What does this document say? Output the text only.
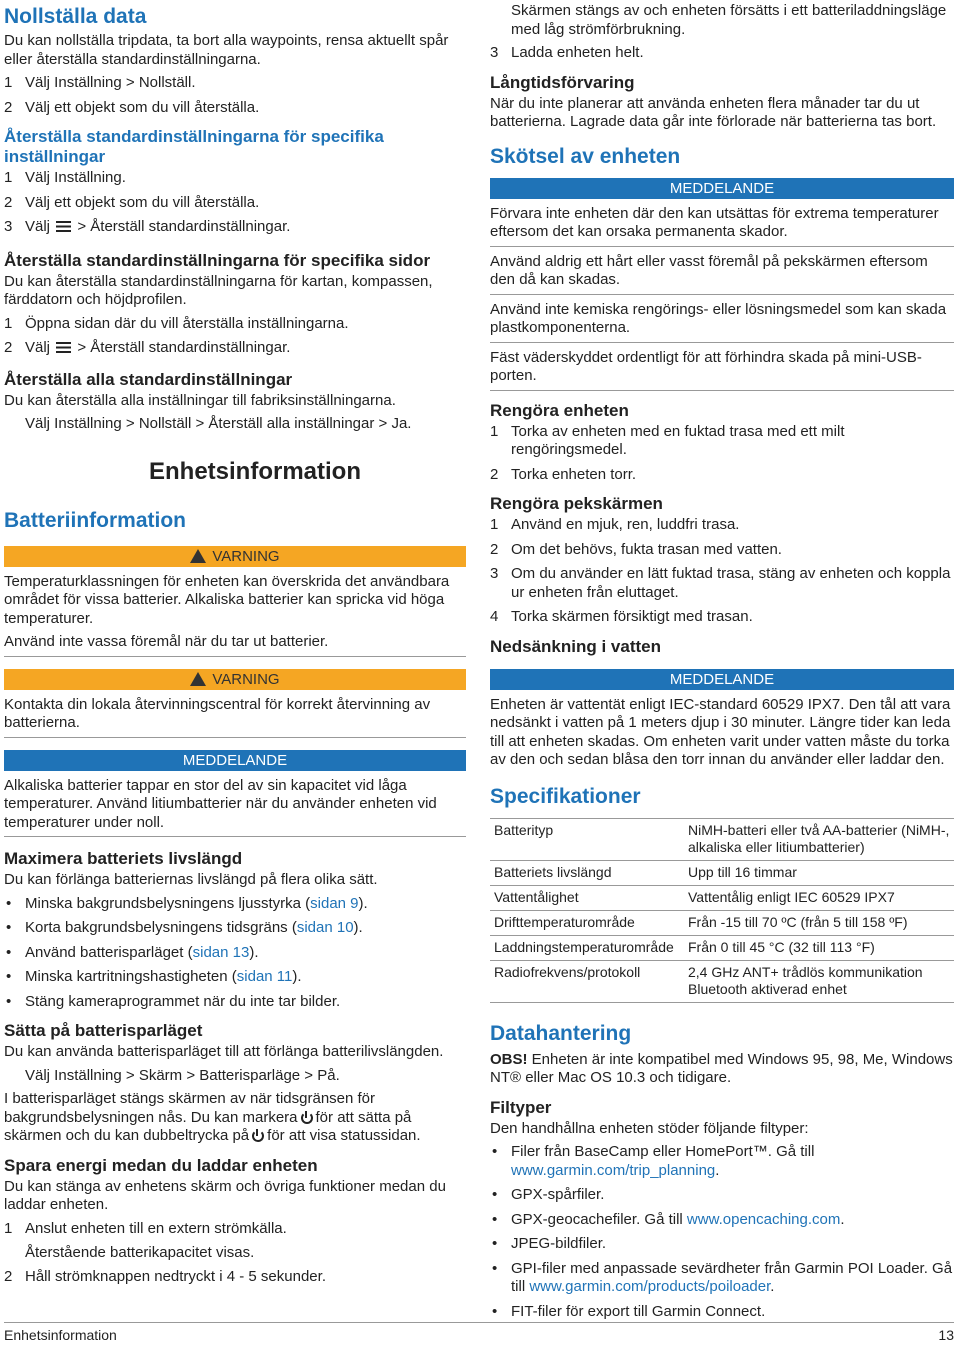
Nollställa data

Du kan nollställa tripdata, ta bort alla waypoints, rensa aktuellt spår eller återställa standardinställningarna.

1 Välj Inställning > Nollställ.
2 Välj ett objekt som du vill återställa.
Återställa standardinställningarna för specifika inställningar
1 Välj Inställning.
2 Välj ett objekt som du vill återställa.
3 Välj > Återställ standardinställningar.
Återställa standardinställningarna för specifika sidor

Du kan återställa standardinställningarna för kartan, kompassen, färddatorn och höjdprofilen.

1 Öppna sidan där du vill återställa inställningarna.
2 Välj > Återställ standardinställningar.
Återställa alla standardinställningar

Du kan återställa alla inställningar till fabriksinställningarna.

Välj Inställning > Nollställ > Återställ alla inställningar > Ja.

Enhetsinformation
Batteriinformation
VARNING

Temperaturklassningen för enheten kan överskrida det användbara området för vissa batterier. Alkaliska batterier kan spricka vid höga temperaturer.

Använd inte vassa föremål när du tar ut batterier.

VARNING

Kontakta din lokala återvinningscentral för korrekt återvinning av batterierna.

MEDDELANDE

Alkaliska batterier tappar en stor del av sin kapacitet vid låga temperaturer. Använd litiumbatterier när du använder enheten vid temperaturer under noll.

Maximera batteriets livslängd

Du kan förlänga batteriernas livslängd på flera olika sätt.

• Minska bakgrundsbelysningens ljusstyrka (sidan 9).
• Korta bakgrundsbelysningens tidsgräns (sidan 10).
• Använd batterisparläget (sidan 13).
• Minska kartritningshastigheten (sidan 11).
• Stäng kameraprogrammet när du inte tar bilder.
Sätta på batterisparläget

Du kan använda batterisparläget till att förlänga batterilivslängden.

Välj Inställning > Skärm > Batterisparläge > På.

I batterisparläget stängs skärmen av när tidsgränsen för bakgrundsbelysningen nås. Du kan markera för att sätta på skärmen och du kan dubbeltrycka på för att visa statussidan.

Spara energi medan du laddar enheten

Du kan stänga av enhetens skärm och övriga funktioner medan du laddar enheten.

1 Anslut enheten till en extern strömkälla.

Återstående batterikapacitet visas.

2 Håll strömknappen nedtryckt i 4 - 5 sekunder.

Skärmen stängs av och enheten försätts i ett batteriladdningsläge med låg strömförbrukning.

3 Ladda enheten helt.
Långtidsförvaring

När du inte planerar att använda enheten flera månader tar du ut batterierna. Lagrade data går inte förlorade när batterierna tas bort.

Skötsel av enheten
MEDDELANDE

Förvara inte enheten där den kan utsättas för extrema temperaturer eftersom det kan orsaka permanenta skador.

Använd aldrig ett hårt eller vasst föremål på pekskärmen eftersom den då kan skadas.

Använd inte kemiska rengörings- eller lösningsmedel som kan skada plastkomponenterna.

Fäst väderskyddet ordentligt för att förhindra skada på mini-USB-porten.

Rengöra enheten
1 Torka av enheten med en fuktad trasa med ett milt rengöringsmedel.
2 Torka enheten torr.
Rengöra pekskärmen
1 Använd en mjuk, ren, luddfri trasa.
2 Om det behövs, fukta trasan med vatten.
3 Om du använder en lätt fuktad trasa, stäng av enheten och koppla ur enheten från eluttaget.
4 Torka skärmen försiktigt med trasan.
Nedsänkning i vatten
MEDDELANDE

Enheten är vattentät enligt IEC-standard 60529 IPX7. Den tål att vara nedsänkt i vatten på 1 meters djup i 30 minuter. Längre tider kan leda till att enheten skadas. Om enheten varit under vatten måste du torka av den och sedan blåsa den torr innan du använder eller laddar den.

Specifikationer
Batterityp	NiMH-batteri eller två AA-batterier (NiMH-, alkaliska eller litiumbatterier)
Batteriets livslängd	Upp till 16 timmar
Vattentålighet	Vattentålig enligt IEC 60529 IPX7
Drifttemperaturområde	Från -15 till 70 ºC (från 5 till 158 ºF)
Laddningstemperaturområde	Från 0 till 45 °C (32 till 113 °F)
Radiofrekvens/protokoll	2,4 GHz ANT+ trådlös kommunikation Bluetooth aktiverad enhet
Datahantering

OBS! Enheten är inte kompatibel med Windows 95, 98, Me, Windows NT® eller Mac OS 10.3 och tidigare.

Filtyper

Den handhållna enheten stöder följande filtyper:

• Filer från BaseCamp eller HomePort™. Gå till www.garmin.com/trip_planning.
• GPX-spårfiler.
• GPX-geocachefiler. Gå till www.opencaching.com.
• JPEG-bildfiler.
• GPI-filer med anpassade sevärdheter från Garmin POI Loader. Gå till www.garmin.com/products/poiloader.
• FIT-filer för export till Garmin Connect.
Enhetsinformation	13
